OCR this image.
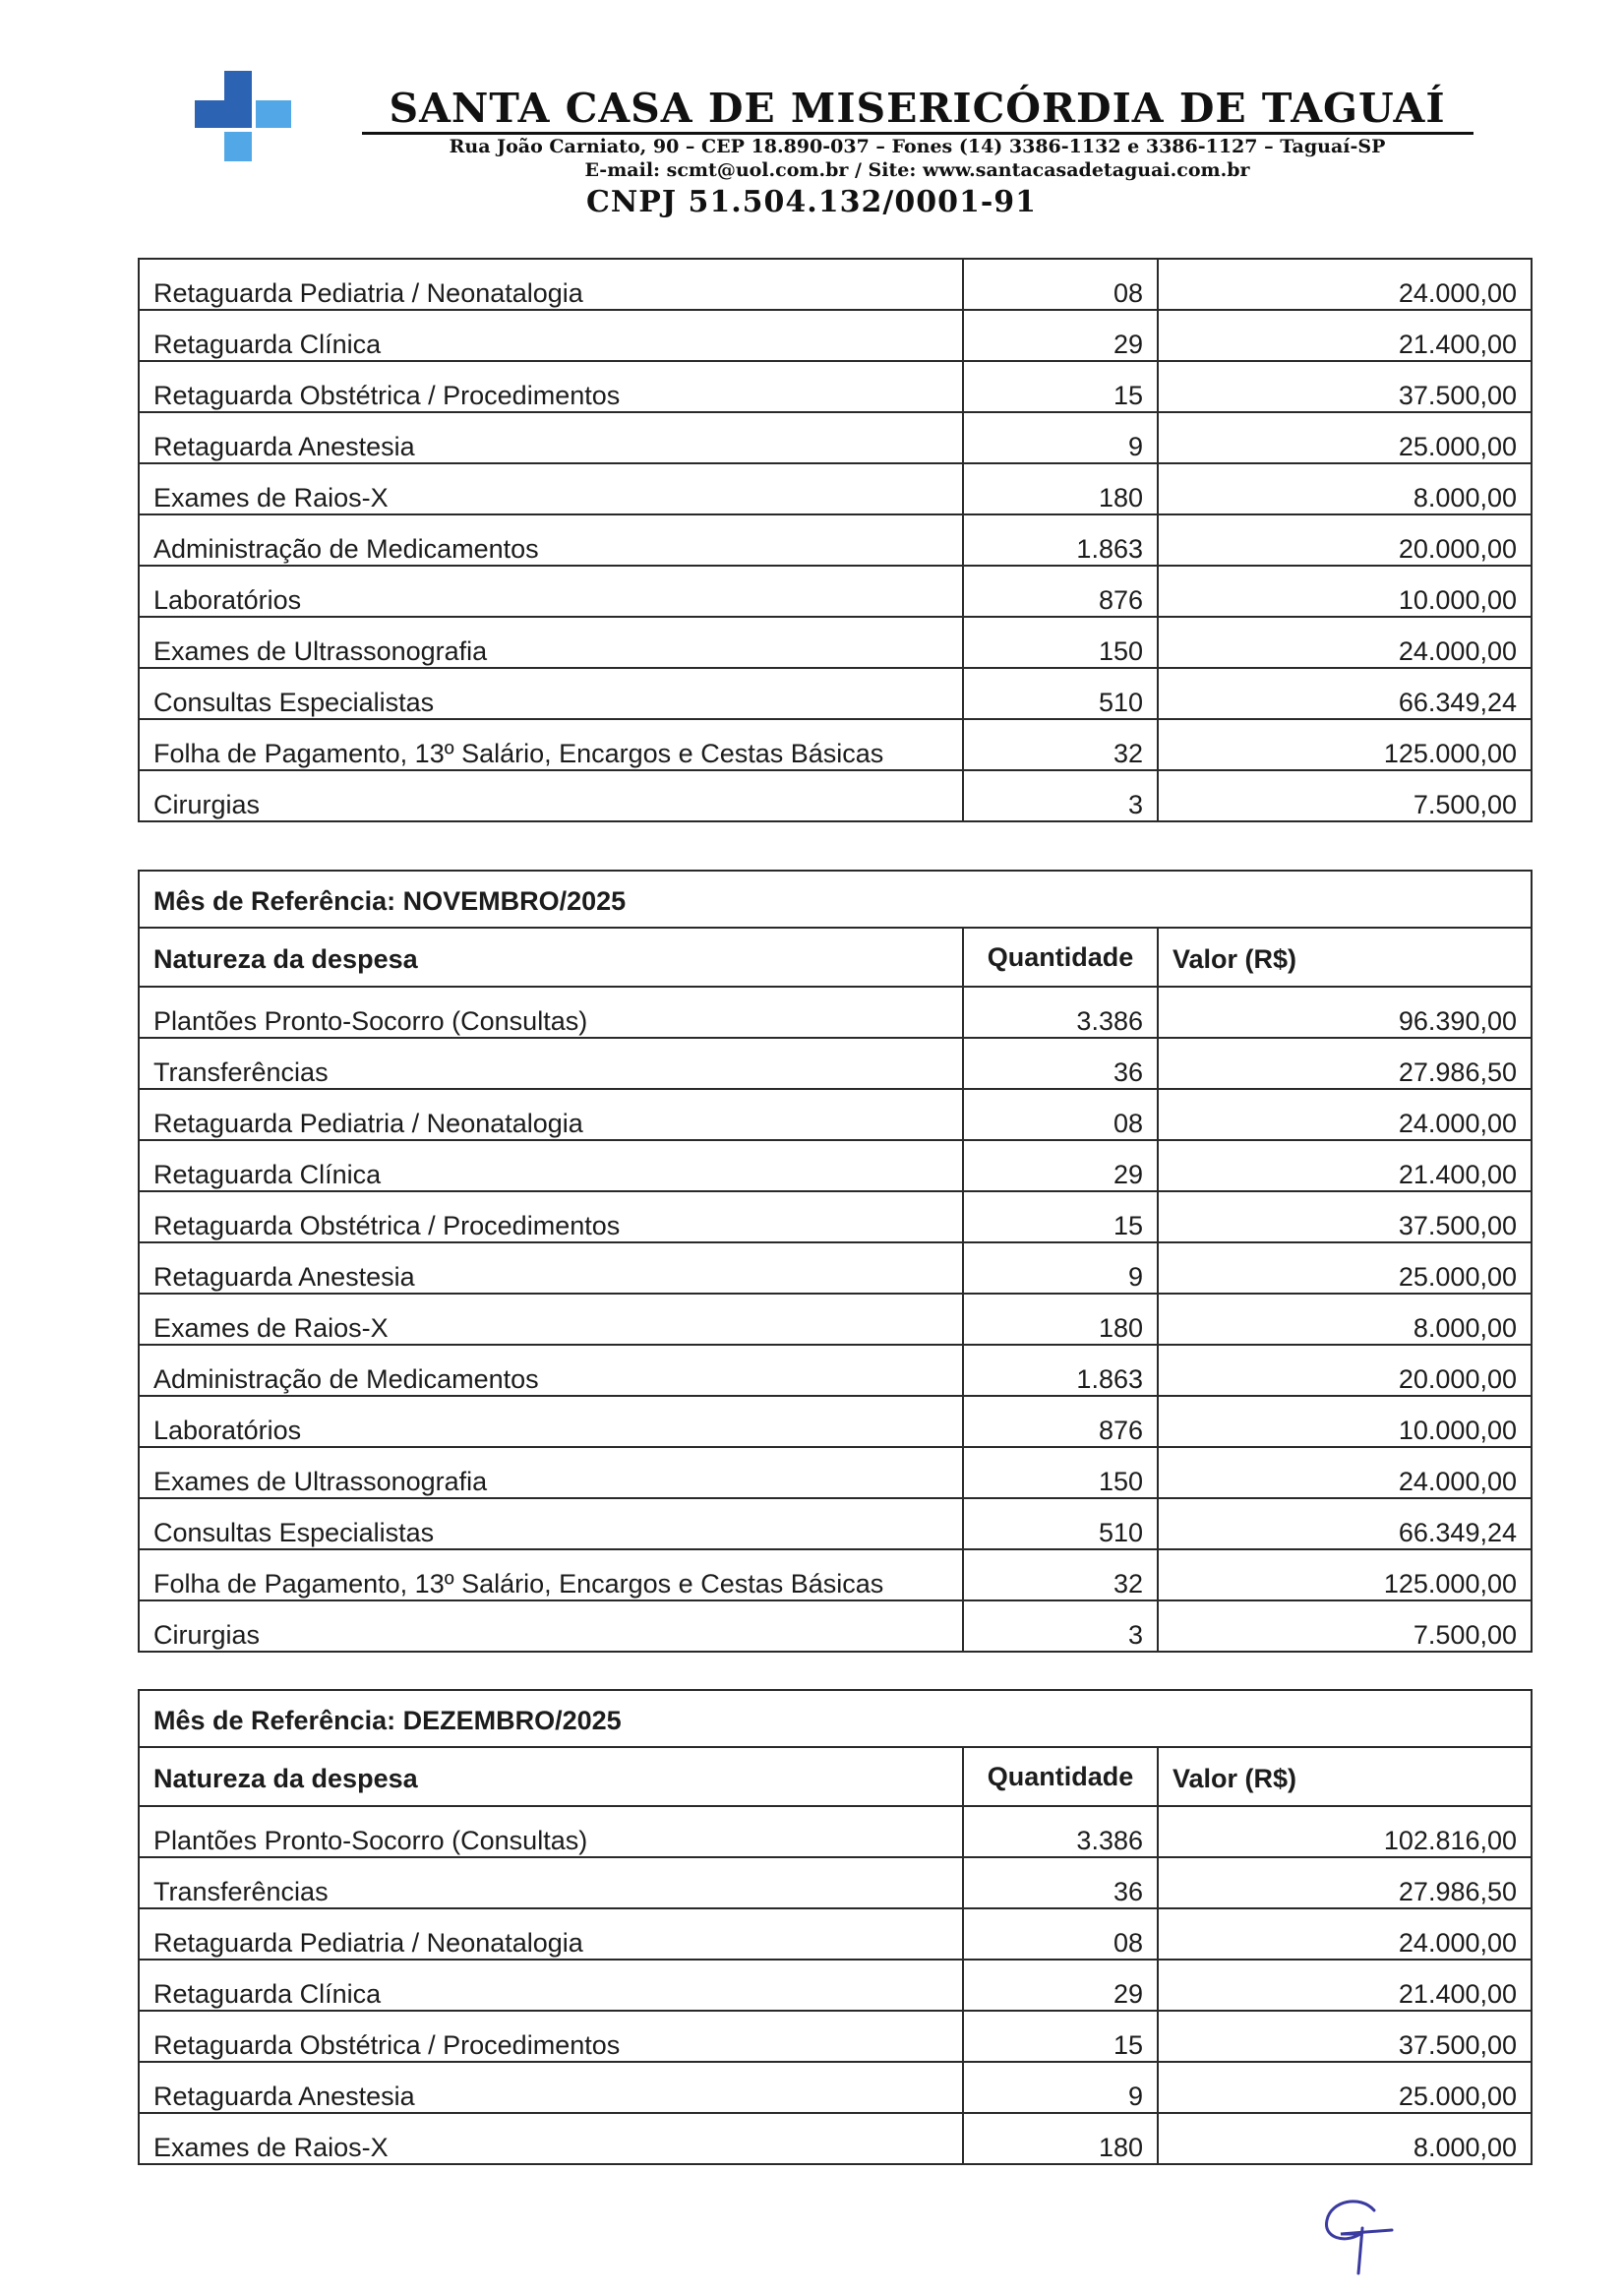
SANTA CASA DE MISERICÓRDIA DE TAGUAÍ
Rua João Carniato, 90 – CEP 18.890-037 – Fones (14) 3386-1132 e 3386-1127 – Taguaí-SP
E-mail: scmt@uol.com.br / Site: www.santacasadetaguai.com.br
CNPJ 51.504.132/0001-91
Retaguarda Pediatria / Neonatalogia	08	24.000,00
Retaguarda Clínica	29	21.400,00
Retaguarda Obstétrica / Procedimentos	15	37.500,00
Retaguarda Anestesia	9	25.000,00
Exames de Raios-X	180	8.000,00
Administração de Medicamentos	1.863	20.000,00
Laboratórios	876	10.000,00
Exames de Ultrassonografia	150	24.000,00
Consultas Especialistas	510	66.349,24
Folha de Pagamento, 13º Salário, Encargos e Cestas Básicas	32	125.000,00
Cirurgias	3	7.500,00
Mês de Referência: NOVEMBRO/2025		
Natureza da despesa	Quantidade	Valor (R$)
Plantões Pronto-Socorro (Consultas)	3.386	96.390,00
Transferências	36	27.986,50
Retaguarda Pediatria / Neonatalogia	08	24.000,00
Retaguarda Clínica	29	21.400,00
Retaguarda Obstétrica / Procedimentos	15	37.500,00
Retaguarda Anestesia	9	25.000,00
Exames de Raios-X	180	8.000,00
Administração de Medicamentos	1.863	20.000,00
Laboratórios	876	10.000,00
Exames de Ultrassonografia	150	24.000,00
Consultas Especialistas	510	66.349,24
Folha de Pagamento, 13º Salário, Encargos e Cestas Básicas	32	125.000,00
Cirurgias	3	7.500,00
Mês de Referência: DEZEMBRO/2025		
Natureza da despesa	Quantidade	Valor (R$)
Plantões Pronto-Socorro (Consultas)	3.386	102.816,00
Transferências	36	27.986,50
Retaguarda Pediatria / Neonatalogia	08	24.000,00
Retaguarda Clínica	29	21.400,00
Retaguarda Obstétrica / Procedimentos	15	37.500,00
Retaguarda Anestesia	9	25.000,00
Exames de Raios-X	180	8.000,00
